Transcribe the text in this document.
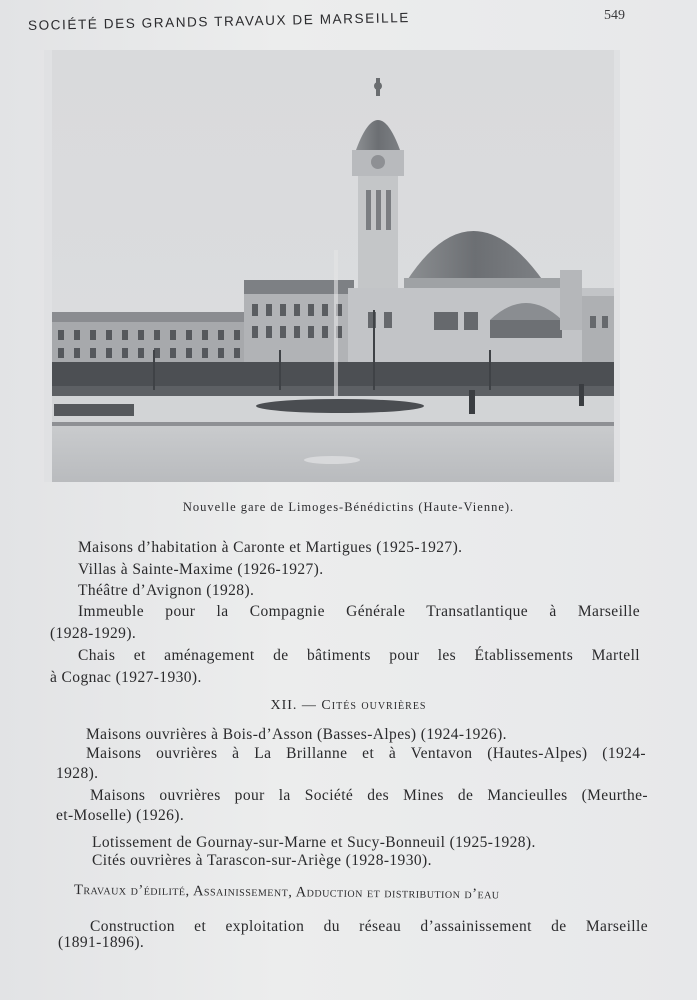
SOCIÉTÉ DES GRANDS TRAVAUX DE MARSEILLE	549
Nouvelle gare de Limoges-Bénédictins (Haute-Vienne).
Maisons d’habitation à Caronte et Martigues (1925-1927).
Villas à Sainte-Maxime (1926-1927).
Théâtre d’Avignon (1928).
Immeuble pour la Compagnie Générale Transatlantique à Marseille
(1928-1929).
Chais et aménagement de bâtiments pour les Établissements Martell
à Cognac (1927-1930).
XII. — Cités ouvrières
Maisons ouvrières à Bois-d’Asson (Basses-Alpes) (1924-1926).
Maisons ouvrières à La Brillanne et à Ventavon (Hautes-Alpes) (1924-
1928).
Maisons ouvrières pour la Société des Mines de Mancieulles (Meurthe-
et-Moselle) (1926).
Lotissement de Gournay-sur-Marne et Sucy-Bonneuil (1925-1928).
Cités ouvrières à Tarascon-sur-Ariège (1928-1930).
Travaux d’édilité, Assainissement, Adduction et distribution d’eau
Construction et exploitation du réseau d’assainissement de Marseille
(1891-1896).
